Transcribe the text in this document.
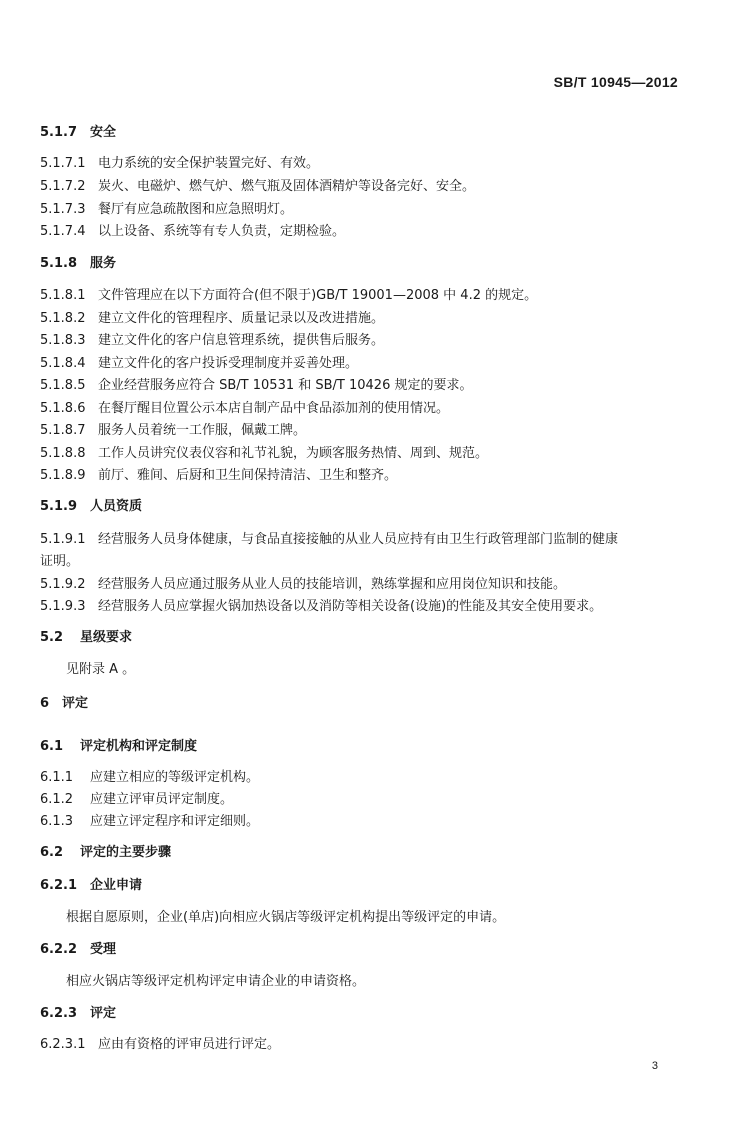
SB/T 10945—2012
5.1.7 安全
5.1.7.1 电力系统的安全保护装置完好、有效。
5.1.7.2 炭火、电磁炉、燃气炉、燃气瓶及固体酒精炉等设备完好、安全。
5.1.7.3 餐厅有应急疏散图和应急照明灯。
5.1.7.4 以上设备、系统等有专人负责，定期检验。
5.1.8 服务
5.1.8.1 文件管理应在以下方面符合(但不限于)GB/T 19001—2008 中 4.2 的规定。
5.1.8.2 建立文件化的管理程序、质量记录以及改进措施。
5.1.8.3 建立文件化的客户信息管理系统，提供售后服务。
5.1.8.4 建立文件化的客户投诉受理制度并妥善处理。
5.1.8.5 企业经营服务应符合 SB/T 10531 和 SB/T 10426 规定的要求。
5.1.8.6 在餐厅醒目位置公示本店自制产品中食品添加剂的使用情况。
5.1.8.7 服务人员着统一工作服，佩戴工牌。
5.1.8.8 工作人员讲究仪表仪容和礼节礼貌，为顾客服务热情、周到、规范。
5.1.8.9 前厅、雅间、后厨和卫生间保持清洁、卫生和整齐。
5.1.9 人员资质
5.1.9.1 经营服务人员身体健康，与食品直接接触的从业人员应持有由卫生行政管理部门监制的健康
证明。
5.1.9.2 经营服务人员应通过服务从业人员的技能培训，熟练掌握和应用岗位知识和技能。
5.1.9.3 经营服务人员应掌握火锅加热设备以及消防等相关设备(设施)的性能及其安全使用要求。
5.2 星级要求
见附录 A 。
6 评定
6.1 评定机构和评定制度
6.1.1 应建立相应的等级评定机构。
6.1.2 应建立评审员评定制度。
6.1.3 应建立评定程序和评定细则。
6.2 评定的主要步骤
6.2.1 企业申请
根据自愿原则，企业(单店)向相应火锅店等级评定机构提出等级评定的申请。
6.2.2 受理
相应火锅店等级评定机构评定申请企业的申请资格。
6.2.3 评定
6.2.3.1 应由有资格的评审员进行评定。
3
